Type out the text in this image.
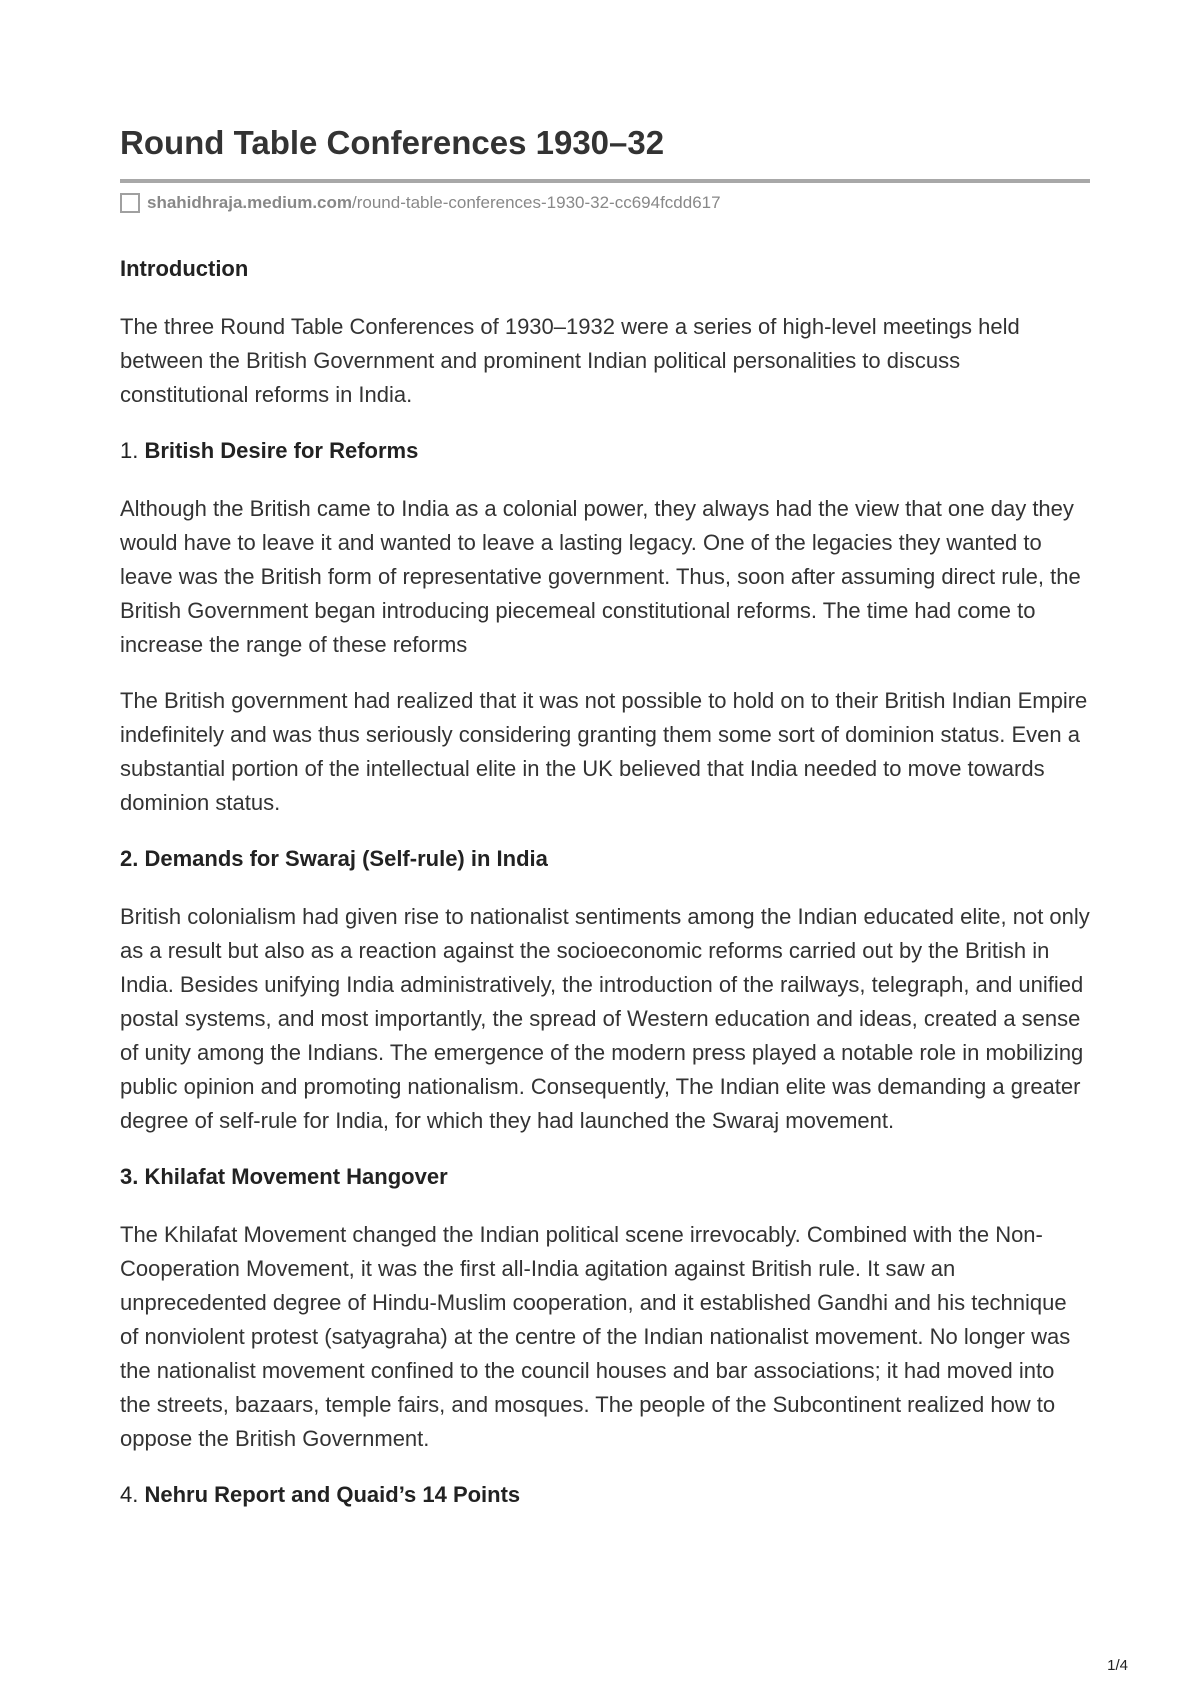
Round Table Conferences 1930–32
shahidhraja.medium.com /round-table-conferences-1930-32-cc694fcdd617
Introduction

The three Round Table Conferences of 1930–1932 were a series of high-level meetings held between the British Government and prominent Indian political personalities to discuss constitutional reforms in India.

1. British Desire for Reforms

Although the British came to India as a colonial power, they always had the view that one day they would have to leave it and wanted to leave a lasting legacy. One of the legacies they wanted to leave was the British form of representative government. Thus, soon after assuming direct rule, the British Government began introducing piecemeal constitutional reforms. The time had come to increase the range of these reforms

The British government had realized that it was not possible to hold on to their British Indian Empire indefinitely and was thus seriously considering granting them some sort of dominion status. Even a substantial portion of the intellectual elite in the UK believed that India needed to move towards dominion status.

2. Demands for Swaraj (Self-rule) in India

British colonialism had given rise to nationalist sentiments among the Indian educated elite, not only as a result but also as a reaction against the socioeconomic reforms carried out by the British in India. Besides unifying India administratively, the introduction of the railways, telegraph, and unified postal systems, and most importantly, the spread of Western education and ideas, created a sense of unity among the Indians. The emergence of the modern press played a notable role in mobilizing public opinion and promoting nationalism. Consequently, The Indian elite was demanding a greater degree of self-rule for India, for which they had launched the Swaraj movement.

3. Khilafat Movement Hangover

The Khilafat Movement changed the Indian political scene irrevocably. Combined with the Non-Cooperation Movement, it was the first all-India agitation against British rule. It saw an unprecedented degree of Hindu-Muslim cooperation, and it established Gandhi and his technique of nonviolent protest (satyagraha) at the centre of the Indian nationalist movement. No longer was the nationalist movement confined to the council houses and bar associations; it had moved into the streets, bazaars, temple fairs, and mosques. The people of the Subcontinent realized how to oppose the British Government.

4. Nehru Report and Quaid’s 14 Points
1/4
